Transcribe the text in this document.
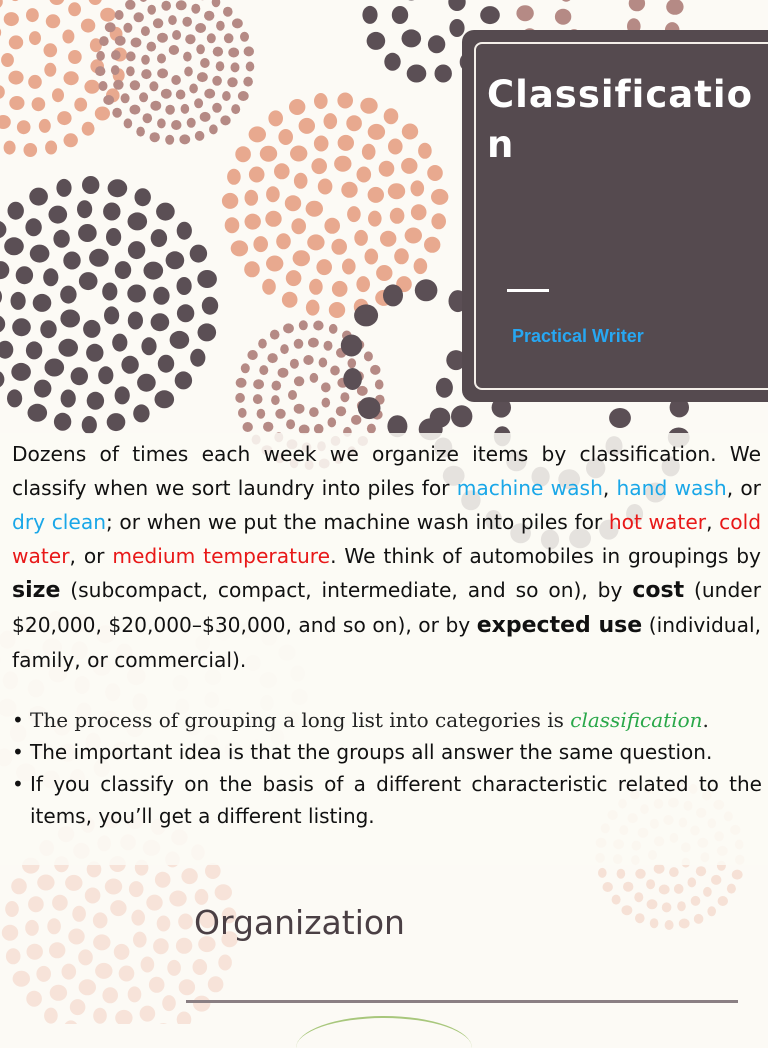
Classificatio
n
Practical Writer

Dozens of times each week we organize items by classification. We classify when we sort laundry into piles for machine wash, hand wash, or dry clean; or when we put the machine wash into piles for hot water, cold water, or medium temperature. We think of automobiles in groupings by size (subcompact, compact, intermediate, and so on), by cost (under $20,000, $20,000–$30,000, and so on), or by expected use (individual, family, or commercial).

• The process of grouping a long list into categories is classification.
• The important idea is that the groups all answer the same question.
• If you classify on the basis of a different characteristic related to the items, you’ll get a different listing.
Organization
